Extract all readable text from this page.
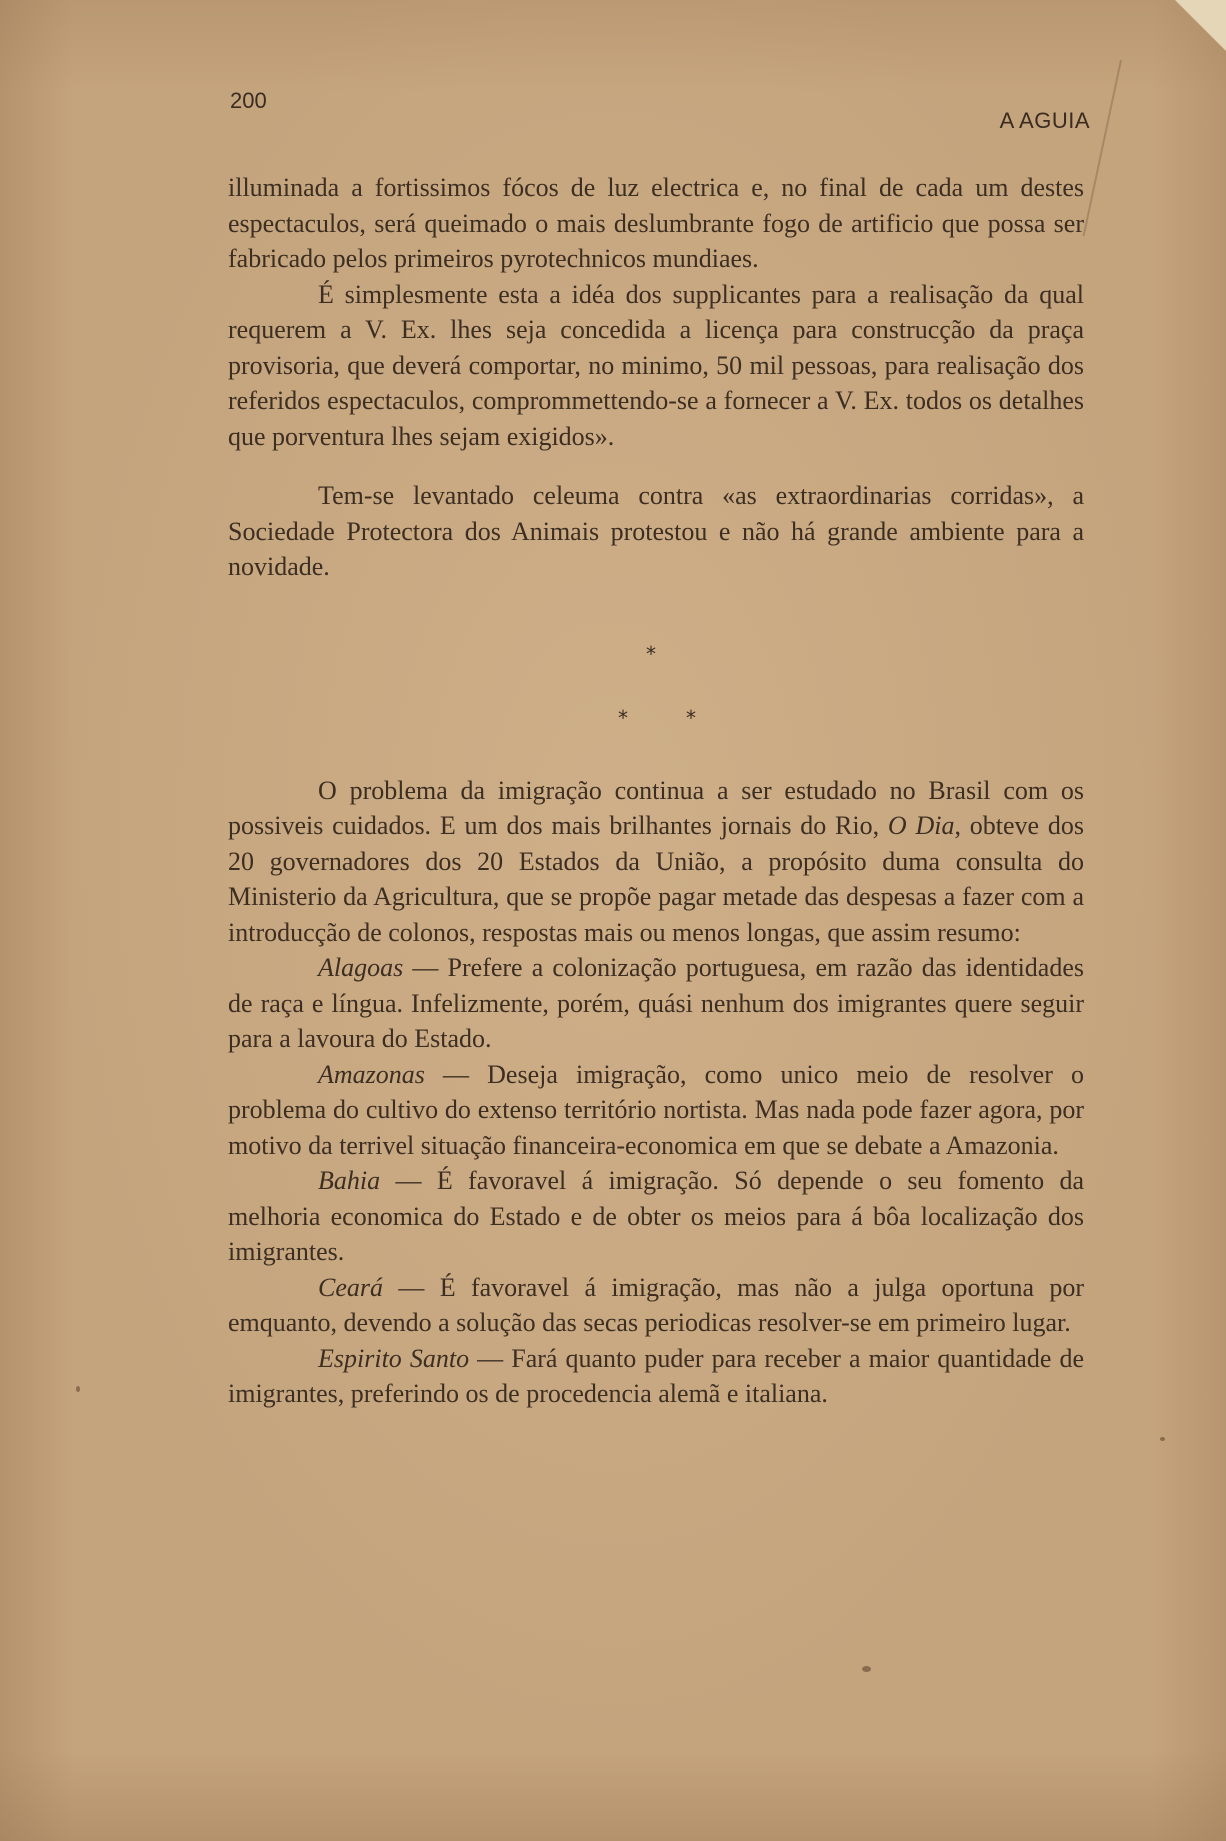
200
A AGUIA

illuminada a fortissimos fócos de luz electrica e, no final de cada um destes espectaculos, será queimado o mais deslumbrante fogo de artificio que possa ser fabricado pelos primeiros pyrotechnicos mundiaes.

É simplesmente esta a idéa dos supplicantes para a realisação da qual requerem a V. Ex. lhes seja concedida a licença para construcção da praça provisoria, que deverá comportar, no minimo, 50 mil pessoas, para realisação dos referidos espectaculos, comprommettendo-se a fornecer a V. Ex. todos os detalhes que porventura lhes sejam exigidos».

Tem-se levantado celeuma contra «as extraordinarias corridas», a Sociedade Protectora dos Animais protestou e não há grande ambiente para a novidade.

*
*	*

O problema da imigração continua a ser estudado no Brasil com os possiveis cuidados. E um dos mais brilhantes jornais do Rio, O Dia, obteve dos 20 governadores dos 20 Estados da União, a propósito duma consulta do Ministerio da Agricultura, que se propõe pagar metade das despesas a fazer com a introducção de colonos, respostas mais ou menos longas, que assim resumo:

Alagoas — Prefere a colonização portuguesa, em razão das identidades de raça e língua. Infelizmente, porém, quási nenhum dos imigrantes quere seguir para a lavoura do Estado.

Amazonas — Deseja imigração, como unico meio de resolver o problema do cultivo do extenso território nortista. Mas nada pode fazer agora, por motivo da terrivel situação financeira-economica em que se debate a Amazonia.

Bahia — É favoravel á imigração. Só depende o seu fomento da melhoria economica do Estado e de obter os meios para á bôa localização dos imigrantes.

Ceará — É favoravel á imigração, mas não a julga oportuna por emquanto, devendo a solução das secas periodicas resolver-se em primeiro lugar.

Espirito Santo — Fará quanto puder para receber a maior quantidade de imigrantes, preferindo os de procedencia alemã e italiana.
